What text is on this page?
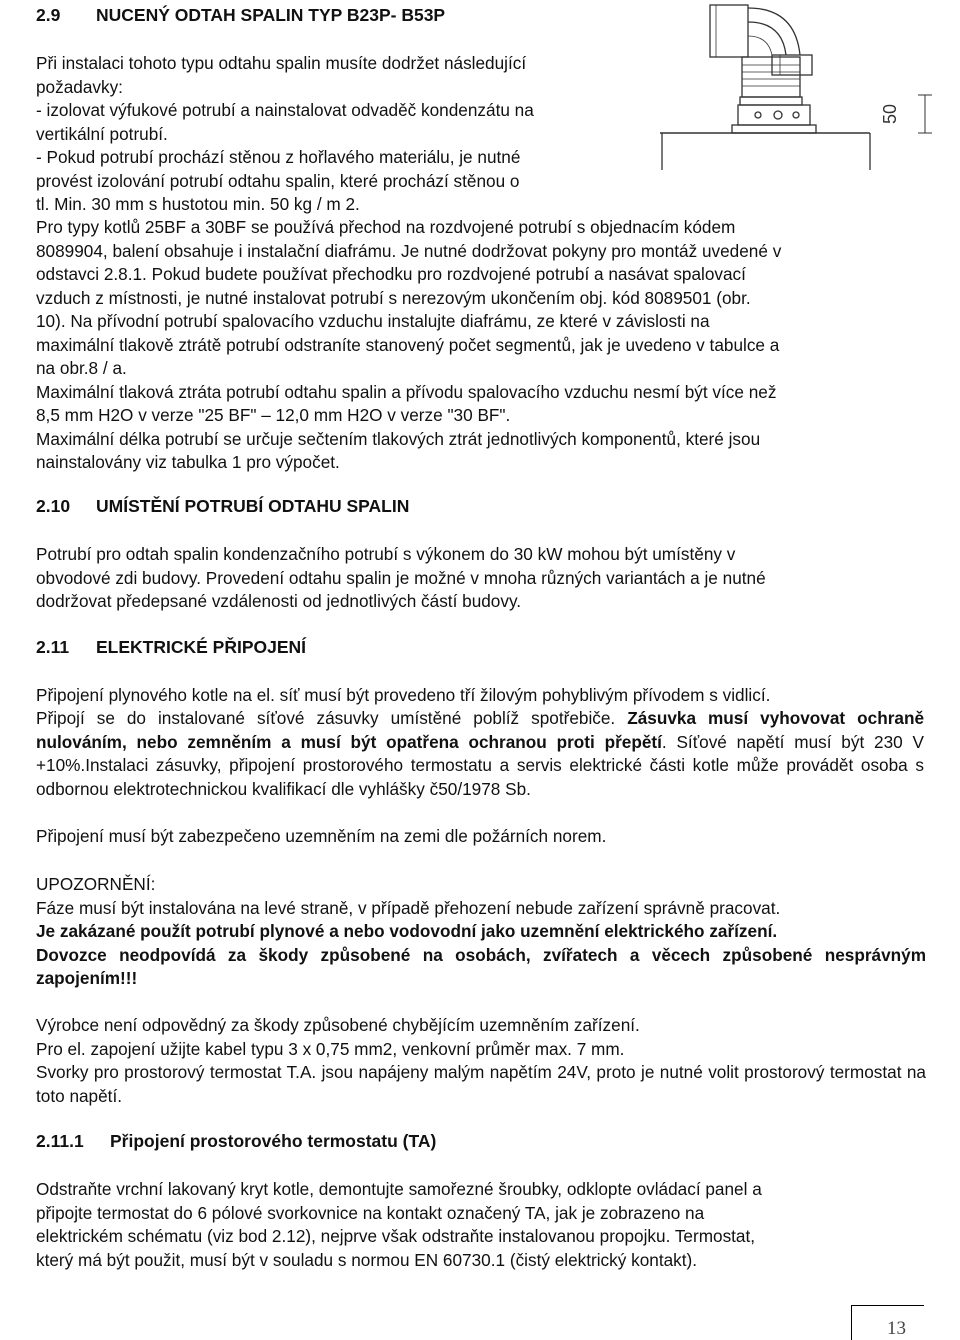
2.9 NUCENÝ ODTAH SPALIN TYP B23P- B53P
Při instalaci tohoto typu odtahu spalin musíte dodržet následující
požadavky:
- izolovat výfukové potrubí a nainstalovat odvaděč kondenzátu na
vertikální potrubí.
- Pokud potrubí prochází stěnou z hořlavého materiálu, je nutné
provést izolování potrubí odtahu spalin, které prochází stěnou o
tl. Min. 30 mm s hustotou min. 50 kg / m 2.
Pro typy kotlů 25BF a 30BF se používá přechod na rozdvojené potrubí s objednacím kódem
8089904, balení obsahuje i instalační diafrámu. Je nutné dodržovat pokyny pro montáž uvedené v
odstavci 2.8.1. Pokud budete používat přechodku pro rozdvojené potrubí a nasávat spalovací
vzduch z místnosti, je nutné instalovat potrubí s nerezovým ukončením obj. kód 8089501 (obr.
10). Na přívodní potrubí spalovacího vzduchu instalujte diafrámu, ze které v závislosti na
maximální tlakově ztrátě potrubí odstraníte stanovený počet segmentů, jak je uvedeno v tabulce a
na obr.8 / a.
Maximální tlaková ztráta potrubí odtahu spalin a přívodu spalovacího vzduchu nesmí být více než
8,5 mm H2O v verze "25 BF" – 12,0 mm H2O v verze "30 BF".
Maximální délka potrubí se určuje sečtením tlakových ztrát jednotlivých komponentů, které jsou
nainstalovány viz tabulka 1 pro výpočet.
50
2.10 UMÍSTĚNÍ POTRUBÍ ODTAHU SPALIN
Potrubí pro odtah spalin kondenzačního potrubí s výkonem do 30 kW mohou být umístěny v
obvodové zdi budovy. Provedení odtahu spalin je možné v mnoha různých variantách a je nutné
dodržovat předepsané vzdálenosti od jednotlivých částí budovy.
2.11 ELEKTRICKÉ PŘIPOJENÍ
Připojení plynového kotle na el. síť musí být provedeno tří žilovým pohyblivým přívodem s vidlicí.
Připojí se do instalované síťové zásuvky umístěné poblíž spotřebiče. Zásuvka musí vyhovovat ochraně nulováním, nebo zemněním a musí být opatřena ochranou proti přepětí. Síťové napětí musí být 230 V +10%.Instalaci zásuvky, připojení prostorového termostatu a servis elektrické části kotle může provádět osoba s odbornou elektrotechnickou kvalifikací dle vyhlášky č50/1978 Sb.
Připojení musí být zabezpečeno uzemněním na zemi dle požárních norem.
UPOZORNĚNÍ:
Fáze musí být instalována na levé straně, v případě přehození nebude zařízení správně pracovat.
Je zakázané použít potrubí plynové a nebo vodovodní jako uzemnění elektrického zařízení.
Dovozce neodpovídá za škody způsobené na osobách, zvířatech a věcech způsobené nesprávným zapojením!!!
Výrobce není odpovědný za škody způsobené chybějícím uzemněním zařízení.
Pro el. zapojení užijte kabel typu 3 x 0,75 mm2, venkovní průměr max. 7 mm.
Svorky pro prostorový termostat T.A. jsou napájeny malým napětím 24V, proto je nutné volit prostorový termostat na toto napětí.
2.11.1 Připojení prostorového termostatu (TA)
Odstraňte vrchní lakovaný kryt kotle, demontujte samořezné šroubky, odklopte ovládací panel a
připojte termostat do 6 pólové svorkovnice na kontakt označený TA, jak je zobrazeno na
elektrickém schématu (viz bod 2.12), nejprve však odstraňte instalovanou propojku. Termostat,
který má být použit, musí být v souladu s normou EN 60730.1 (čistý elektrický kontakt).
13
